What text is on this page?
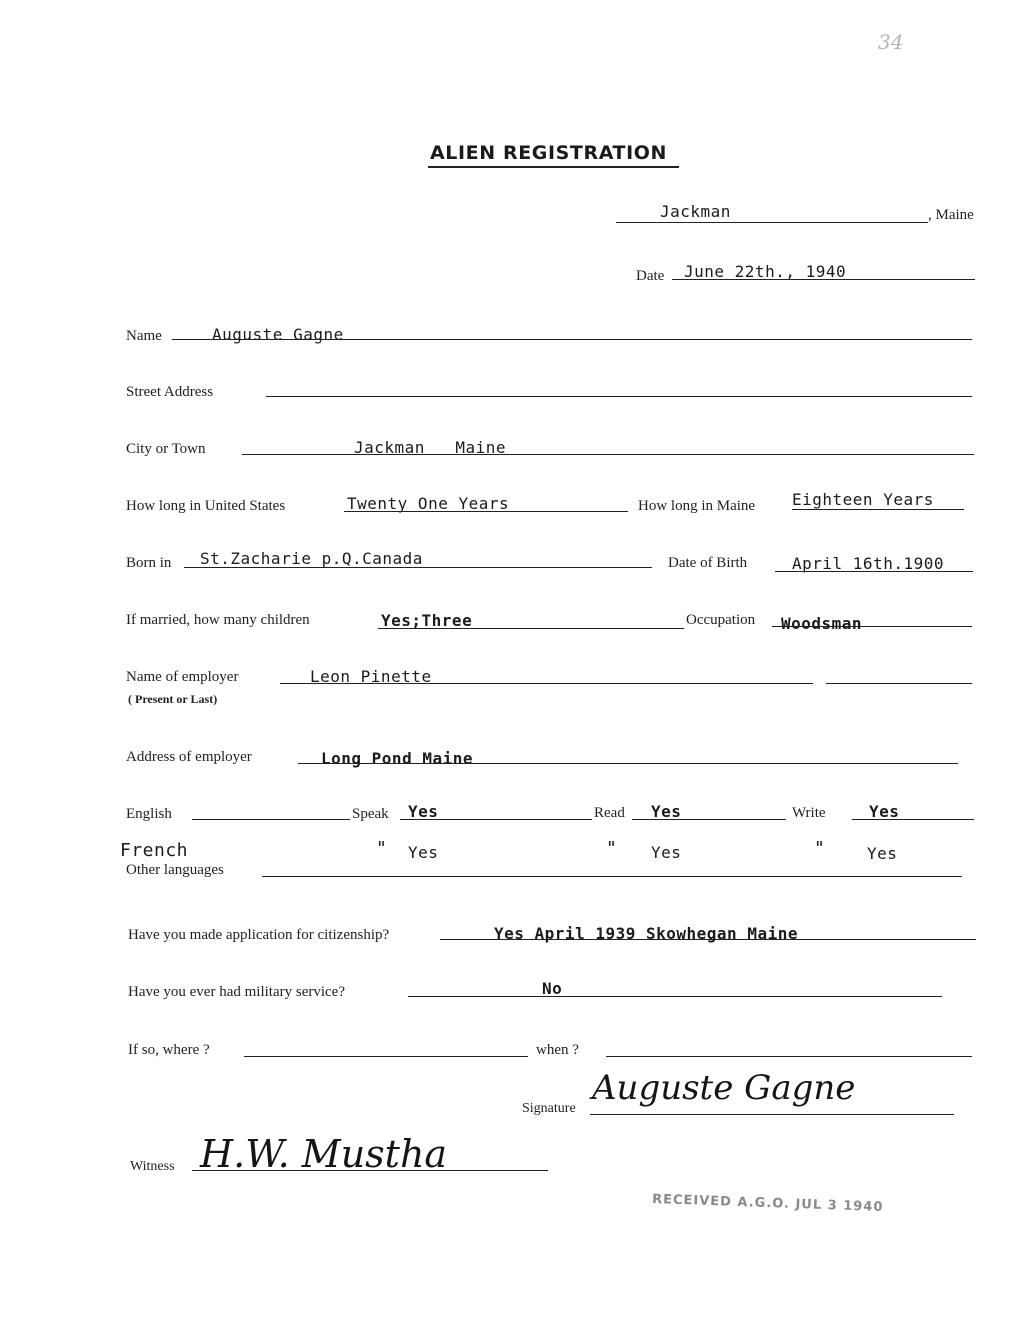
34
ALIEN REGISTRATION
Jackman	, Maine
Date June 22th., 1940
Name	Auguste Gagne
Street Address
City or Town	Jackman   Maine
How long in United States	Twenty One Years	How long in Maine Eighteen Years
Born in St.Zacharie p.Q.Canada	Date of Birth	April 16th.1900
If married, how many children	Yes;Three	Occupation Woodsman
Name of employer
( Present or Last)
Leon Pinette
Address of employer	Long Pond Maine
English	Speak Yes	Read Yes	Write	Yes
French	" Yes	" Yes	"	Yes
Other languages
Have you made application for citizenship?	Yes April 1939 Skowhegan Maine
Have you ever had military service?	No
If so, where ?	when ?
Signature
Auguste Gagne
Witness H.W. Mustha
RECEIVED A.G.O. JUL 3 1940
